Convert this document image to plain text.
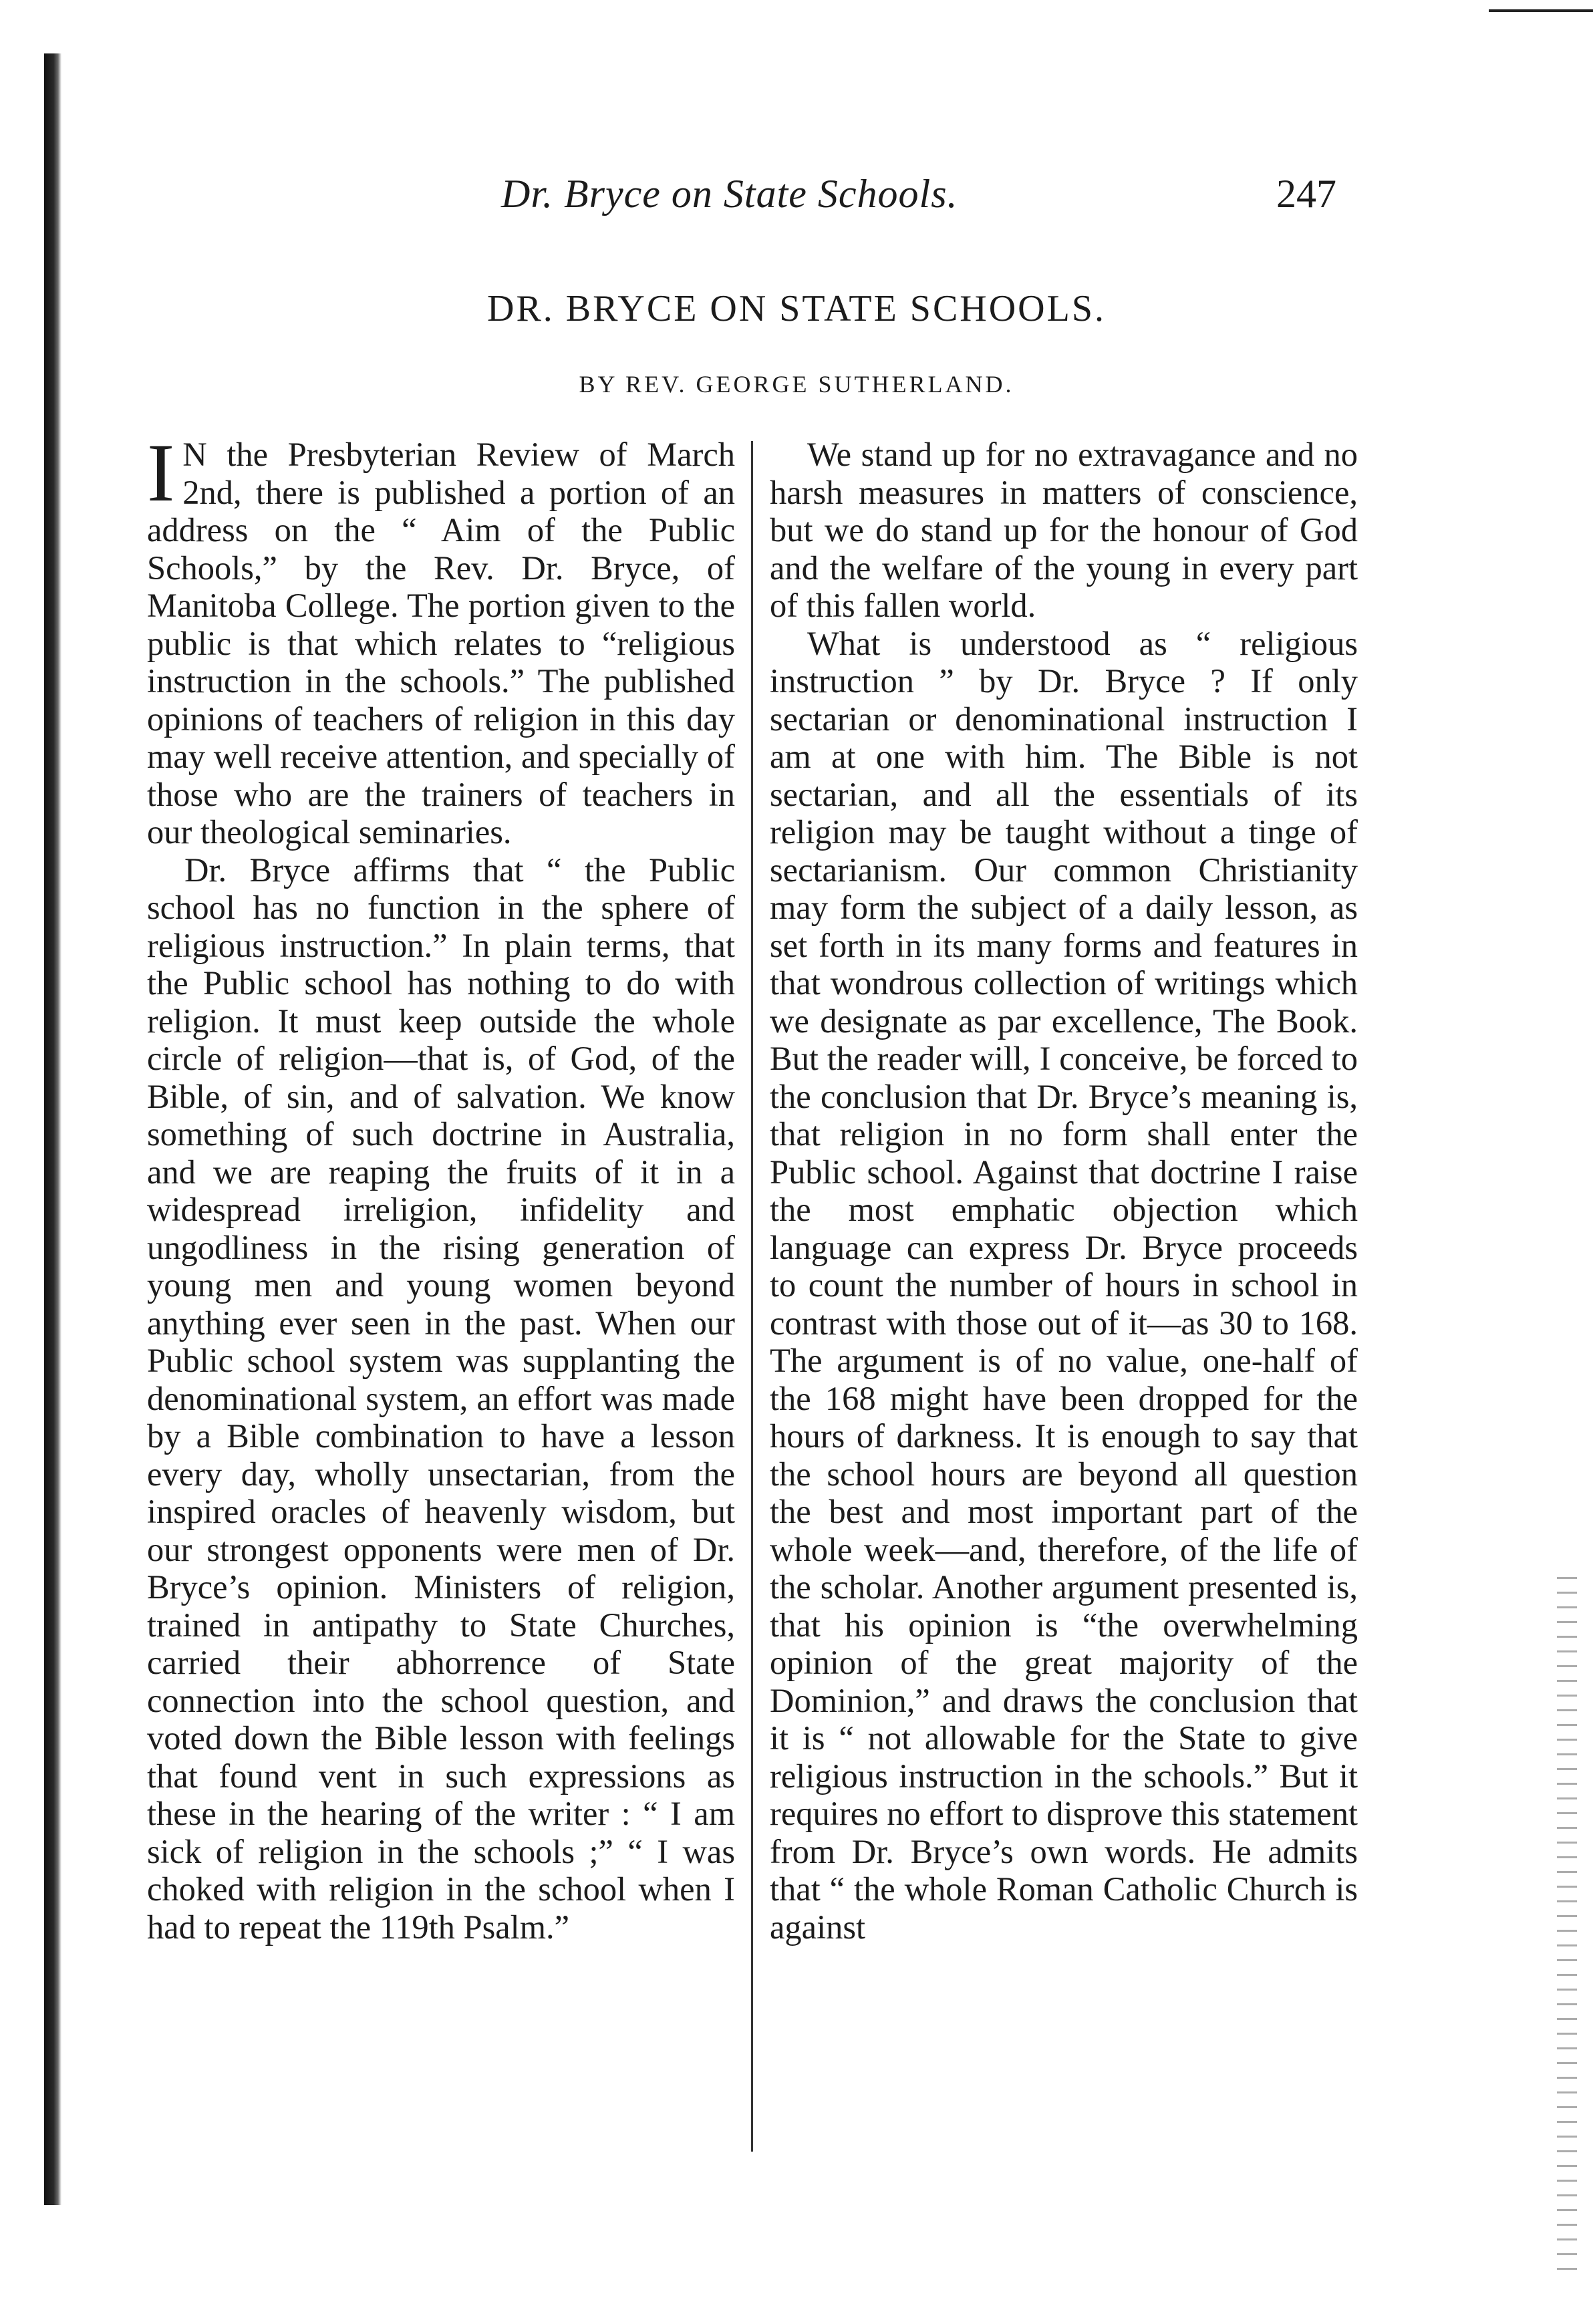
Dr. Bryce on State Schools.	247
DR. BRYCE ON STATE SCHOOLS.
BY REV. GEORGE SUTHERLAND.

I N the Presbyterian Review of March 2nd, there is published a portion of an address on the “ Aim of the Public Schools,” by the Rev. Dr. Bryce, of Manitoba College. The portion given to the public is that which relates to “religious instruction in the schools.” The published opinions of teachers of religion in this day may well receive attention, and specially of those who are the trainers of teachers in our theological seminaries.

Dr. Bryce affirms that “ the Public school has no function in the sphere of religious instruction.” In plain terms, that the Public school has nothing to do with religion. It must keep outside the whole circle of religion—that is, of God, of the Bible, of sin, and of salvation. We know something of such doctrine in Australia, and we are reaping the fruits of it in a widespread irreligion, infidelity and ungodliness in the rising generation of young men and young women beyond anything ever seen in the past. When our Public school system was supplanting the denominational system, an effort was made by a Bible combination to have a lesson every day, wholly unsectarian, from the inspired oracles of heavenly wisdom, but our strongest opponents were men of Dr. Bryce’s opinion. Ministers of religion, trained in antipathy to State Churches, carried their abhorrence of State connection into the school question, and voted down the Bible lesson with feelings that found vent in such expressions as these in the hearing of the writer : “ I am sick of religion in the schools ;” “ I was choked with religion in the school when I had to repeat the 119th Psalm.”

We stand up for no extravagance and no harsh measures in matters of conscience, but we do stand up for the honour of God and the welfare of the young in every part of this fallen world.

What is understood as “ religious instruction ” by Dr. Bryce ? If only sectarian or denominational instruction I am at one with him. The Bible is not sectarian, and all the essentials of its religion may be taught without a tinge of sectarianism. Our common Christianity may form the subject of a daily lesson, as set forth in its many forms and features in that wondrous collection of writings which we designate as par excellence, The Book. But the reader will, I conceive, be forced to the conclusion that Dr. Bryce’s meaning is, that religion in no form shall enter the Public school. Against that doctrine I raise the most emphatic objection which language can express Dr. Bryce proceeds to count the number of hours in school in contrast with those out of it—as 30 to 168. The argument is of no value, one-half of the 168 might have been dropped for the hours of darkness. It is enough to say that the school hours are beyond all question the best and most important part of the whole week—and, therefore, of the life of the scholar. Another argument presented is, that his opinion is “the overwhelming opinion of the great majority of the Dominion,” and draws the conclusion that it is “ not allowable for the State to give religious instruction in the schools.” But it requires no effort to disprove this statement from Dr. Bryce’s own words. He admits that “ the whole Roman Catholic Church is against
